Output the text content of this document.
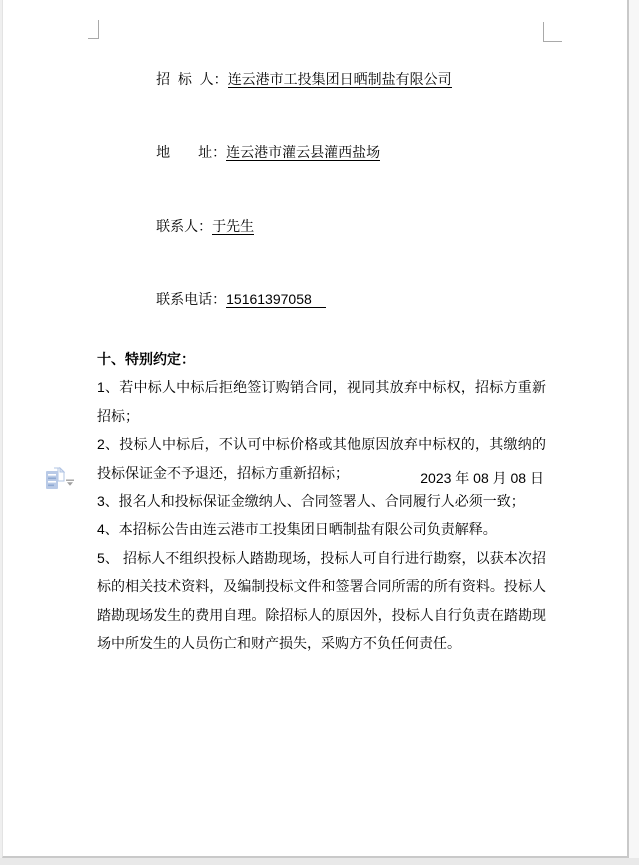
招  标  人：连云港市工投集团日晒制盐有限公司

地　　址：连云港市灌云县灌西盐场

联系人：于先生

联系电话：15161397058

十、特别约定：

1、若中标人中标后拒绝签订购销合同，视同其放弃中标权，招标方重新招标；

2、投标人中标后，不认可中标价格或其他原因放弃中标权的，其缴纳的投标保证金不予退还，招标方重新招标；

3、报名人和投标保证金缴纳人、合同签署人、合同履行人必须一致；

4、本招标公告由连云港市工投集团日晒制盐有限公司负责解释。

5、 招标人不组织投标人踏勘现场，投标人可自行进行勘察，以获本次招标的相关技术资料，及编制投标文件和签署合同所需的所有资料。投标人踏勘现场发生的费用自理。除招标人的原因外，投标人自行负责在踏勘现场中所发生的人员伤亡和财产损失，采购方不负任何责任。

2023 年 08 月 08 日
